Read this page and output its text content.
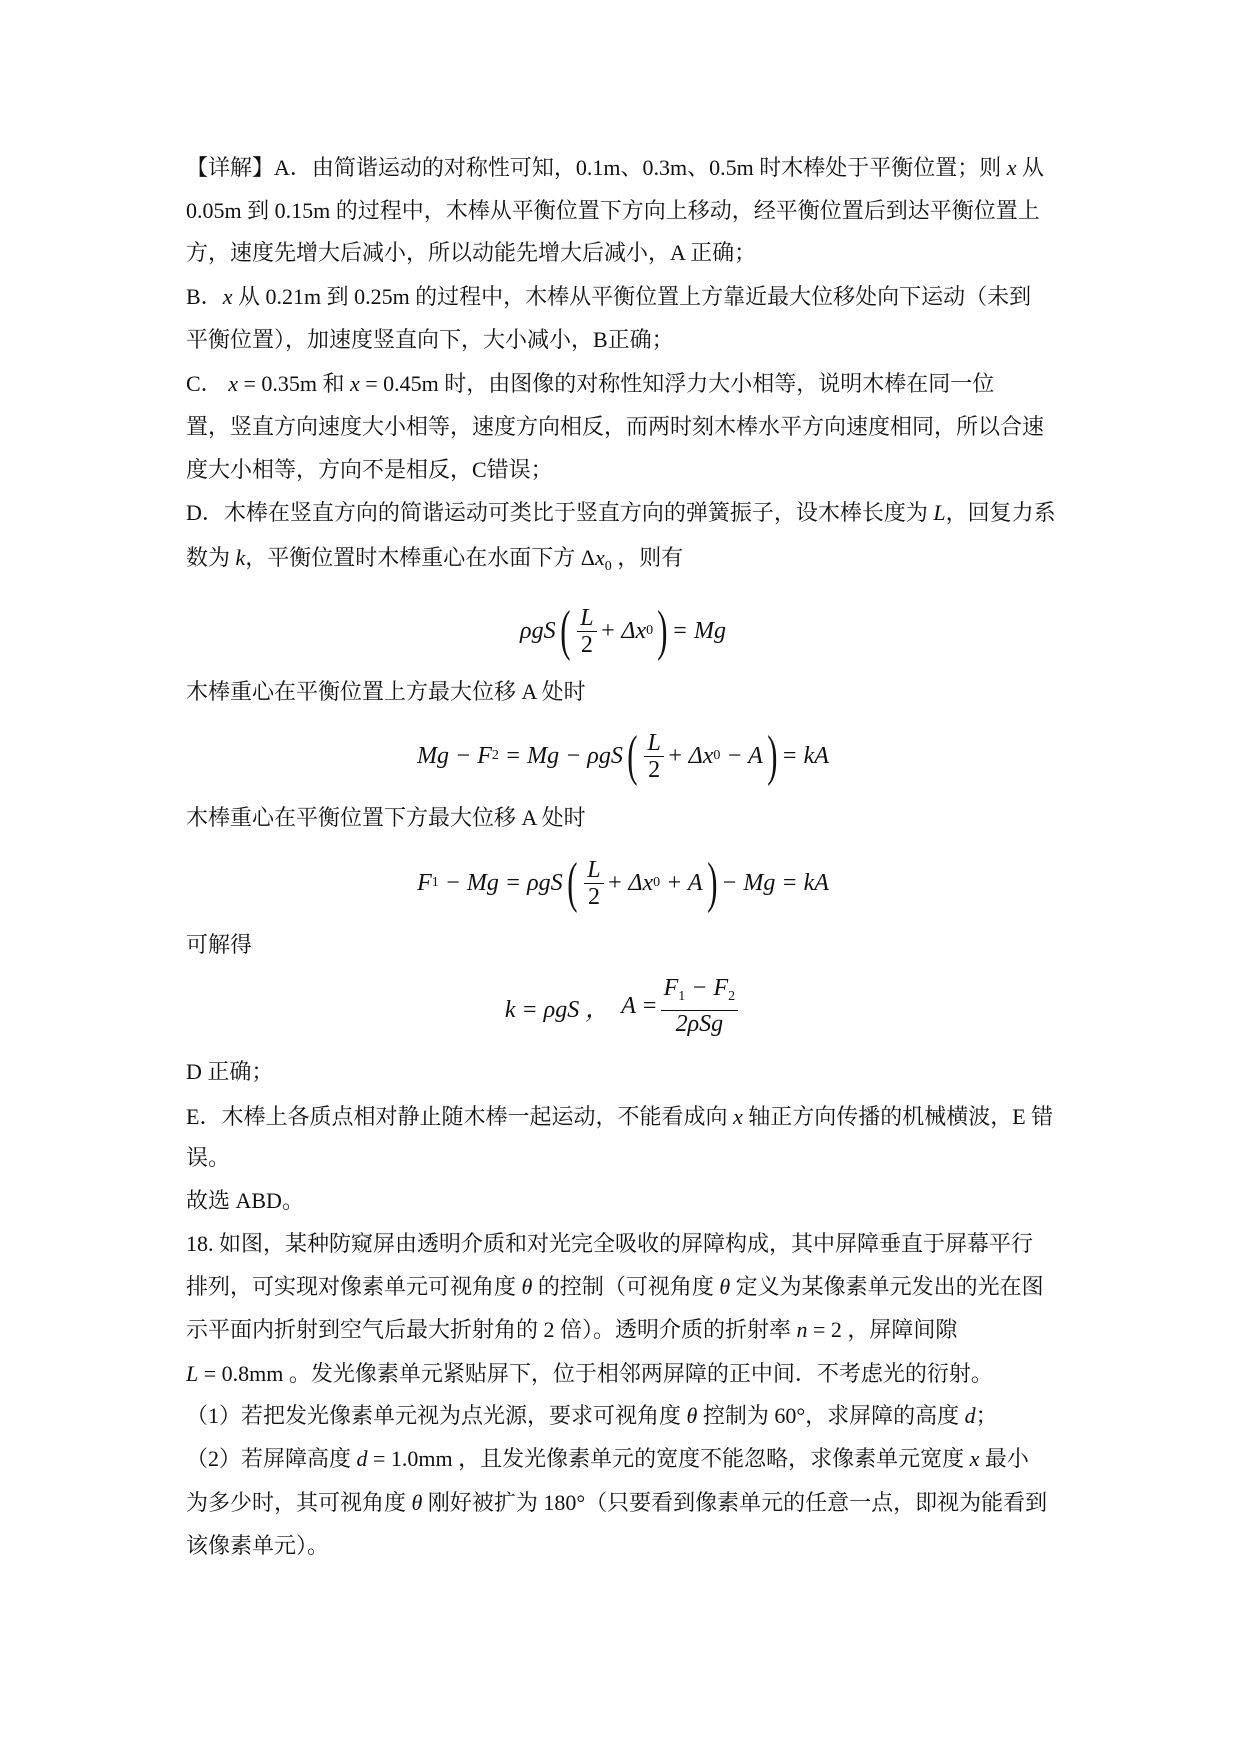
【详解】A．由简谐运动的对称性可知，0.1m、0.3m、0.5m 时木棒处于平衡位置；则 x 从
0.05m 到 0.15m 的过程中，木棒从平衡位置下方向上移动，经平衡位置后到达平衡位置上
方，速度先增大后减小，所以动能先增大后减小，A 正确；
B．x 从 0.21m 到 0.25m 的过程中，木棒从平衡位置上方靠近最大位移处向下运动（未到
平衡位置），加速度竖直向下，大小减小，B正确；
C． x = 0.35m 和 x = 0.45m 时，由图像的对称性知浮力大小相等，说明木棒在同一位
置，竖直方向速度大小相等，速度方向相反，而两时刻木棒水平方向速度相同，所以合速
度大小相等，方向不是相反，C错误；
D．木棒在竖直方向的简谐运动可类比于竖直方向的弹簧振子，设木棒长度为 L，回复力系
数为 k，平衡位置时木棒重心在水面下方 $\Delta x_0$ ，则有
ρgS ( $\frac{L}{2} + \Delta x$ 0 ) = Mg
木棒重心在平衡位置上方最大位移 A 处时
Mg − F 2 = Mg − ρgS ( $\frac{L}{2} + \Delta x$ 0 − A ) = kA
木棒重心在平衡位置下方最大位移 A 处时
F 1 − Mg = ρgS ( $\frac{L}{2} + \Delta x$ 0 + A ) − Mg = kA
可解得
k = ρgS ， $A = \frac{F_1 - F_2}{\text{2ρSg}}$
D 正确；
E．木棒上各质点相对静止随木棒一起运动，不能看成向 x 轴正方向传播的机械横波，E 错
误。
故选 ABD。
18. 如图，某种防窥屏由透明介质和对光完全吸收的屏障构成，其中屏障垂直于屏幕平行
排列，可实现对像素单元可视角度 θ 的控制（可视角度 θ 定义为某像素单元发出的光在图
示平面内折射到空气后最大折射角的 2 倍）。透明介质的折射率 n = 2 ，屏障间隙
L = 0.8mm 。发光像素单元紧贴屏下，位于相邻两屏障的正中间．不考虑光的衍射。
（1）若把发光像素单元视为点光源，要求可视角度 θ 控制为 60°，求屏障的高度 d；
（2）若屏障高度 d = 1.0mm ，且发光像素单元的宽度不能忽略，求像素单元宽度 x 最小
为多少时，其可视角度 θ 刚好被扩为 180°（只要看到像素单元的任意一点，即视为能看到
该像素单元）。
